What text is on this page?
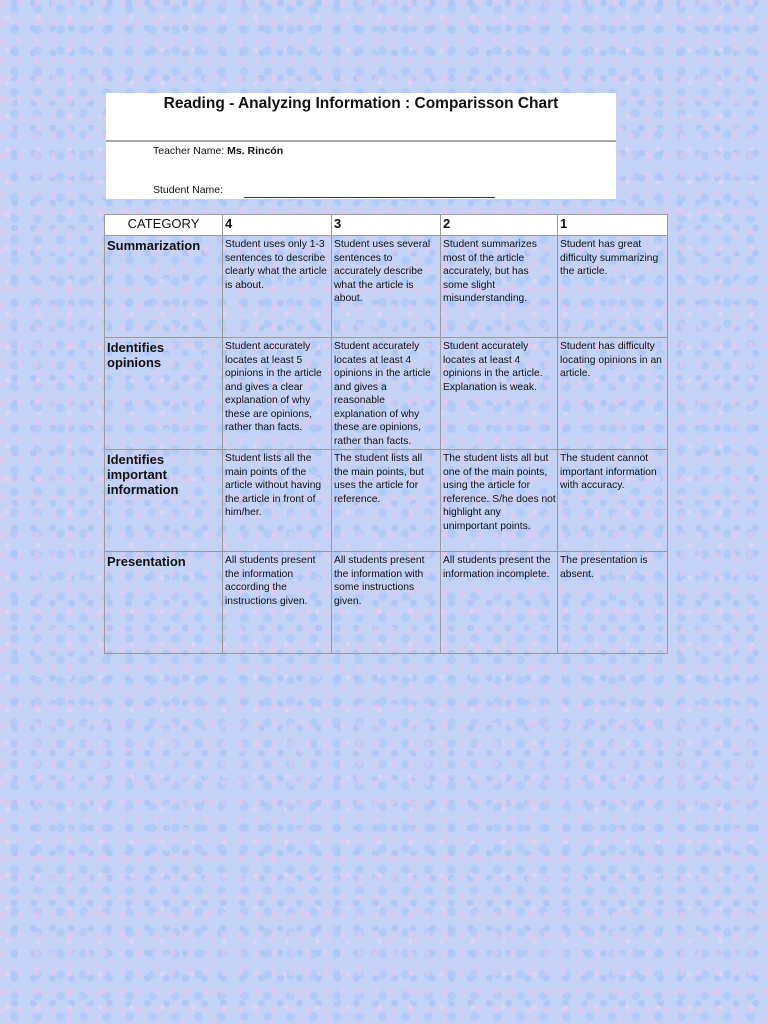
Reading - Analyzing Information : Comparisson Chart
Teacher Name: Ms. Rincón
Student Name:
CATEGORY	4	3	2	1
Summarization	Student uses only 1-3 sentences to describe clearly what the article is about.	Student uses several sentences to accurately describe what the article is about.	Student summarizes most of the article accurately, but has some slight misunderstanding.	Student has great difficulty summarizing the article.
Identifies opinions	Student accurately locates at least 5 opinions in the article and gives a clear explanation of why these are opinions, rather than facts.	Student accurately locates at least 4 opinions in the article and gives a reasonable explanation of why these are opinions, rather than facts.	Student accurately locates at least 4 opinions in the article. Explanation is weak.	Student has difficulty locating opinions in an article.
Identifies important information	Student lists all the main points of the article without having the article in front of him/her.	The student lists all the main points, but uses the article for reference.	The student lists all but one of the main points, using the article for reference. S/he does not highlight any unimportant points.	The student cannot important information with accuracy.
Presentation	All students present the information according the instructions given.	All students present the information with some instructions given.	All students present the information incomplete.	The presentation is absent.
